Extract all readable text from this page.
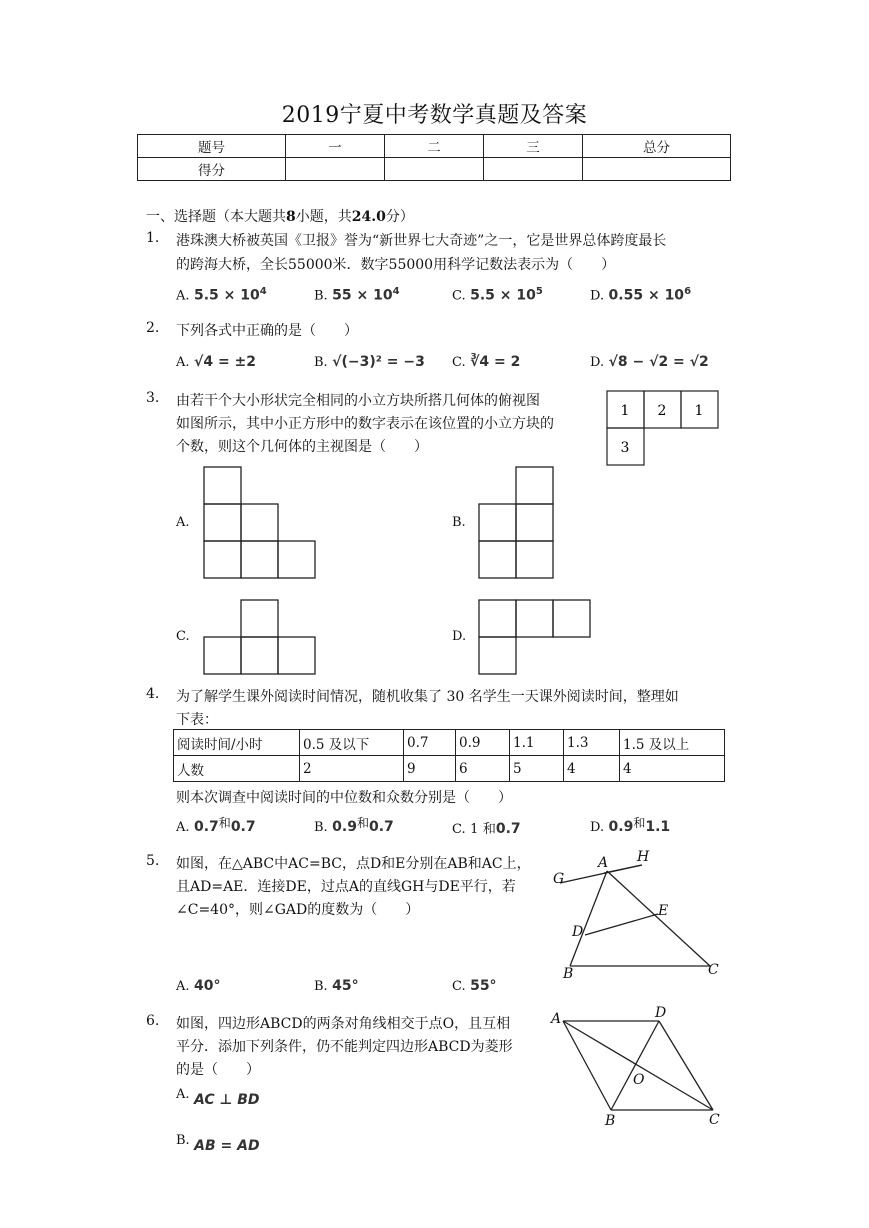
2019宁夏中考数学真题及答案
题号	一	二	三	总分
得分				
一、选择题（本大题共8小题，共24.0分）
1. 港珠澳大桥被英国《卫报》誉为“新世界七大奇迹”之一，它是世界总体跨度最长
的跨海大桥，全长55000米．数字55000用科学记数法表示为（　　）
A. $5.5 \times 10^4$	B. $55 \times 10^4$	C. $5.5 \times 10^5$	D. $0.55 \times 10^6$
2. 下列各式中正确的是（　　）
A. √4 = ±2	B. √(−3)² = −3 C. ∛4 = 2	D. √8 − √2 = √2
3. 由若干个大小形状完全相同的小立方块所搭几何体的俯视图
如图所示，其中小正方形中的数字表示在该位置的小立方块的
个数，则这个几何体的主视图是（　　）
1 2 1
3
A.	B.
C.	D.
4. 为了解学生课外阅读时间情况，随机收集了 30 名学生一天课外阅读时间，整理如
下表：
阅读时间/小时	0.5 及以下	0.7	0.9	1.1	1.3	1.5 及以上
人数	2	9	6	5	4	4
则本次调查中阅读时间的中位数和众数分别是（　　）
A. 0.7和0.7	B. 0.9和0.7	C. 1 和0.7	D. 0.9和1.1
5. 如图，在△ABC中AC=BC，点D和E分别在AB和AC上，
且AD=AE．连接DE，过点A的直线GH与DE平行，若
∠C=40°，则∠GAD的度数为（　　）
A H
G
E
D
B	C
A. 40°	B. 45°	C. 55°
6. 如图，四边形ABCD的两条对角线相交于点O，且互相
平分．添加下列条件，仍不能判定四边形ABCD为菱形
的是（　　）
A	D
O
B	C
A. AC ⊥ BD
B. AB = AD
